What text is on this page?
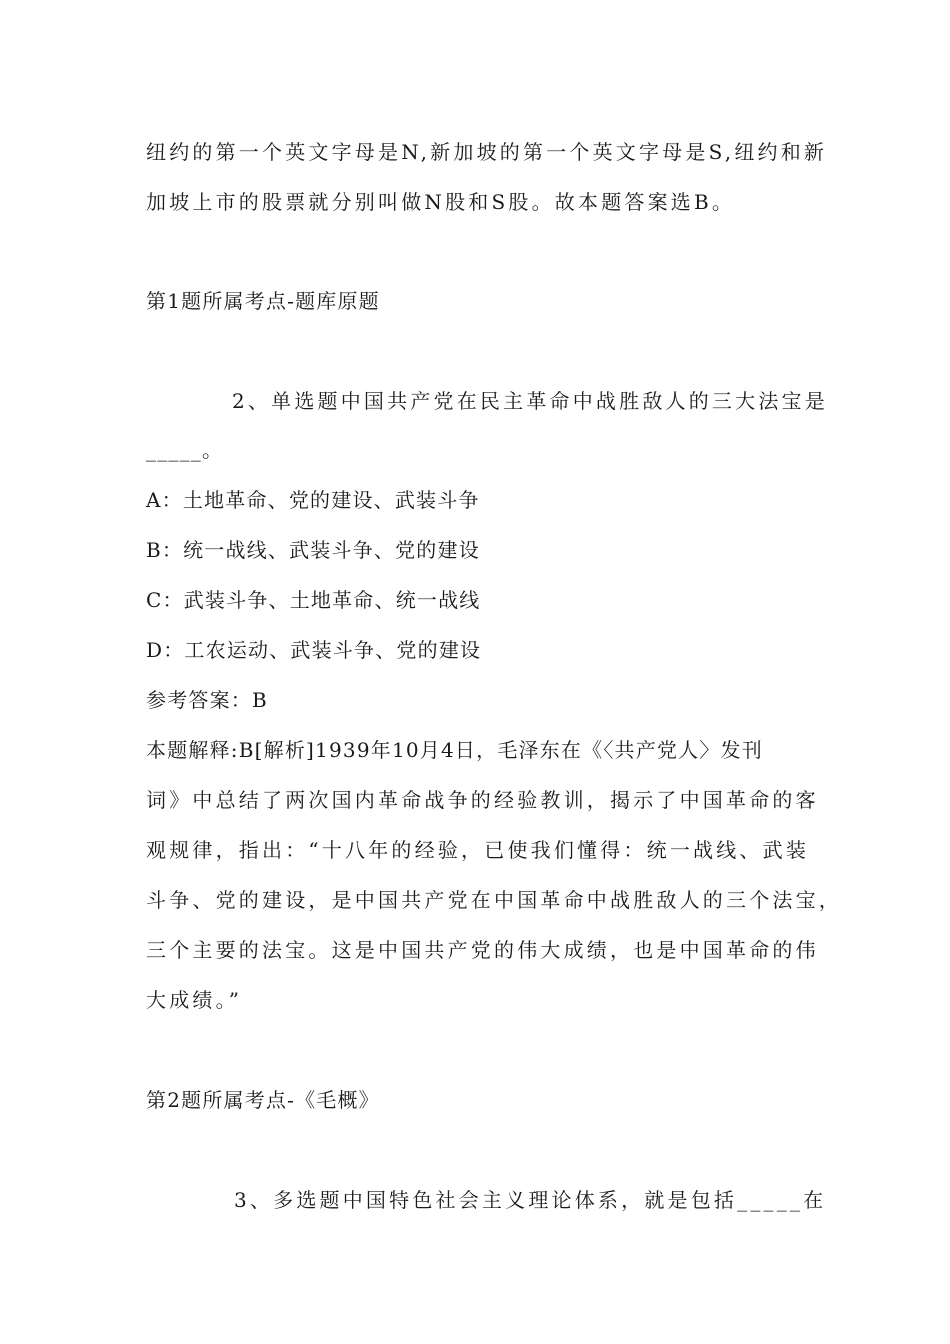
纽约的第一个英文字母是N,新加坡的第一个英文字母是S,纽约和新
加坡上市的股票就分别叫做N股和S股。故本题答案选B。
第1题所属考点-题库原题
2、单选题中国共产党在民主革命中战胜敌人的三大法宝是
_____。
A：土地革命、党的建设、武装斗争
B：统一战线、武装斗争、党的建设
C：武装斗争、土地革命、统一战线
D：工农运动、武装斗争、党的建设
参考答案：B
本题解释:B[解析]1939年10月4日，毛泽东在《〈共产党人〉发刊
词》中总结了两次国内革命战争的经验教训，揭示了中国革命的客
观规律，指出：“十八年的经验，已使我们懂得：统一战线、武装
斗争、党的建设，是中国共产党在中国革命中战胜敌人的三个法宝，
三个主要的法宝。这是中国共产党的伟大成绩，也是中国革命的伟
大成绩。”
第2题所属考点-《毛概》
3、多选题中国特色社会主义理论体系，就是包括_____在
